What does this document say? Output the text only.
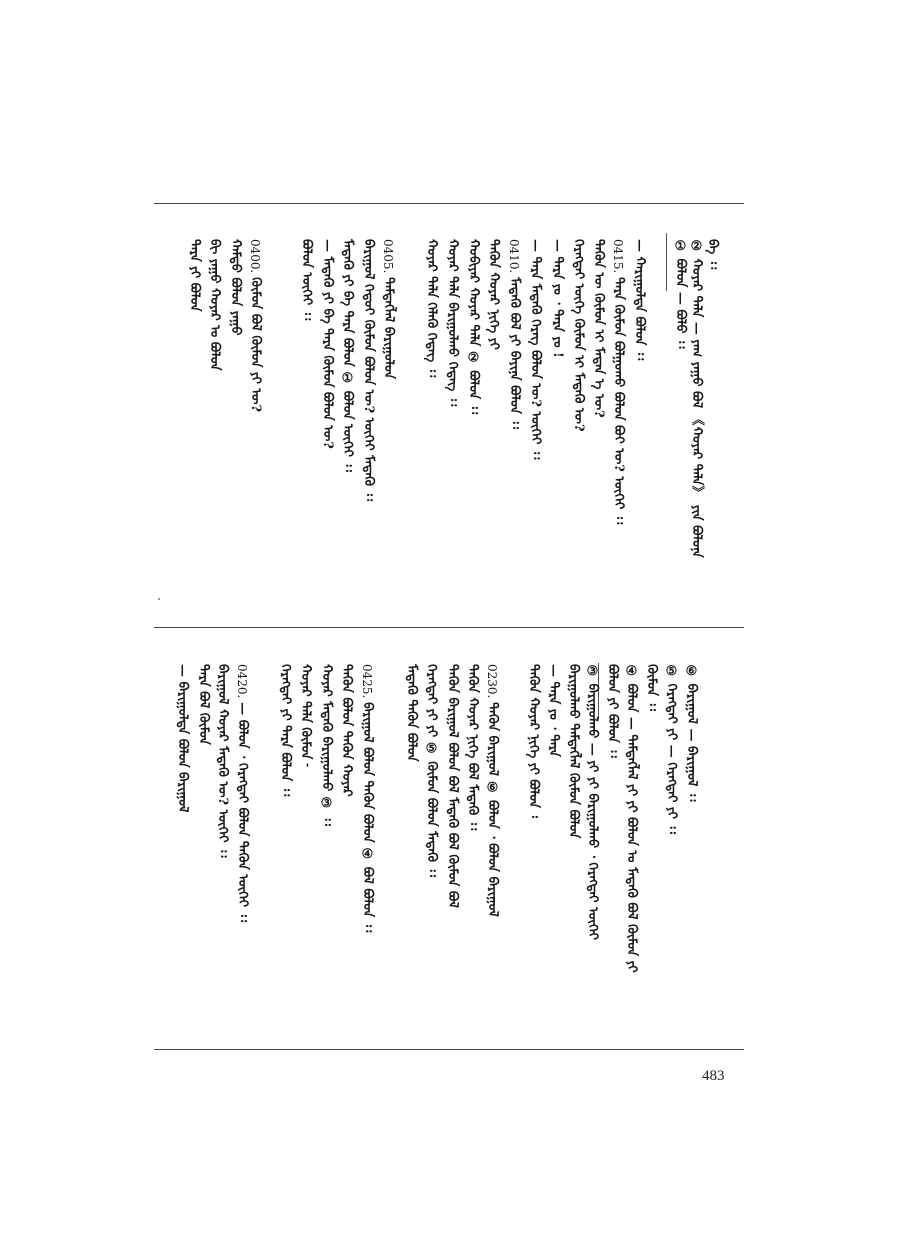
ᠪᠠ ᠄᠄
② ᠬᠣᠶᠠᠷ ᠲᠠᠯᠠ — ᠶᠠᠭ ᠶᠠᠭᠤ ᠪᠣᠯ 《ᠬᠣᠶᠠᠷ ᠲᠠᠯᠠ》 ᠶᠢᠨ ᠪᠣᠯᠣᠨᠠ
① ᠪᠣᠯᠤᠨ — ᠪᠣᠯᠤ ᠄᠄
— ᠬᠠᠷᠢᠭᠤᠯᠲᠠ ᠪᠣᠯᠣᠨ ᠄᠄
0415. ᠲᠡᠷᠡ ᠬᠦᠮᠦᠨ ᠪᠣᠯᠭᠣᠬᠤ ᠪᠣᠯᠤᠨ ᠪᠤᠢ ᠦ? ᠦᠭᠡᠢ ᠄᠄
ᠲᠡᠭᠦᠨ ᠦ ᠬᠦᠮᠦᠨ ᠢ ᠮᠡᠳᠡᠨ ᠡ ᠦ?
ᠬᠡᠷᠡᠭᠲᠡᠢ ᠦᠭᠡ ᠬᠦᠮᠦᠨ ᠢ ᠮᠡᠳᠡᠬᠦ ᠦ?
— ᠲᠡᠷᠡ ᠶᠤ ᠂ ᠲᠡᠷᠡ ᠶᠤ !
— ᠲᠡᠷᠡ ᠮᠡᠳᠡᠬᠦ ᠬᠡᠷᠡᠭ ᠪᠣᠯᠣᠨ ᠦ? ᠦᠭᠡᠢ ᠄᠄
0410. ᠮᠡᠳᠡᠬᠦ ᠪᠣᠯ ᠶᠢ ᠪᠠᠶᠢᠨᠠ ᠪᠣᠯᠣᠨ ᠄᠄
ᠲᠡᠭᠦᠨ ᠬᠣᠶᠠᠷ ᠨᠢᠭᠡ ᠶᠢ
ᠬᠤᠪᠢᠶᠠᠷ ᠬᠣᠶᠠᠷ ᠲᠠᠯᠠ ② ᠪᠣᠯᠣᠨ ᠄᠄
ᠬᠣᠶᠠᠷ ᠲᠠᠯᠠ ᠪᠠᠷᠢᠭᠤᠯᠬᠤ ᠭᠡᠳᠡᠭ ᠄᠄
ᠬᠣᠶᠠᠷ ᠲᠠᠯᠠ ᠬᠡᠯᠡᠬᠦ ᠭᠡᠳᠡᠭ ᠄᠄
0405. ᠲᠡᠮᠳᠡᠭᠯᠡᠯ ᠪᠠᠷᠢᠭᠤᠯᠤᠨ
ᠪᠠᠷᠢᠭᠤᠯ ᠬᠡᠳᠦᠢ ᠬᠦᠮᠦᠨ ᠪᠣᠯᠣᠨ ᠦ? ᠦᠭᠡᠢ ᠮᠡᠳᠡᠬᠦ ᠄᠄
ᠮᠡᠳᠡᠬᠦ ᠶᠢ ᠪᠠ ᠲᠡᠷᠡ ᠪᠣᠯᠣᠨ ① ᠪᠣᠯᠣᠨ ᠦᠭᠡᠢ ᠄᠄
— ᠮᠡᠳᠡᠬᠦ ᠶᠢ ᠪᠠ ᠲᠡᠷᠡ ᠬᠦᠮᠦᠨ ᠪᠣᠯᠣᠨ ᠦ?
ᠪᠣᠯᠣᠨ ᠦᠭᠡᠢ ᠄᠄
0400. ᠬᠦᠮᠦᠨ ᠪᠣᠯ ᠬᠦᠮᠦᠨ ᠶᠢ ᠦ?
ᠬᠠᠮᠲᠤ ᠪᠣᠯᠣᠨ ᠶᠠᠭᠤ
ᠪᠢ ᠶᠠᠭᠤ ᠬᠣᠶᠠᠷ ᠤ ᠪᠣᠯᠣᠨ
ᠲᠡᠷᠡ ᠶᠢ ᠪᠣᠯᠣᠨ
⑥ ᠪᠠᠷᠢᠭᠤᠯ — ᠪᠠᠷᠢᠭᠤᠯ ᠄᠄
⑤ ᠬᠡᠷᠡᠭᠲᠡᠢ ᠶᠢ — ᠬᠡᠷᠡᠭᠲᠡᠢ ᠶᠢ ᠄᠄
ᠬᠦᠮᠦᠨ ᠄᠄
④ ᠪᠣᠯᠣᠨ — ᠲᠡᠮᠳᠡᠭᠯᠡᠯ ᠶᠢ ᠶᠢ ᠪᠣᠯᠣᠨ ᠤ ᠮᠡᠳᠡᠬᠦ ᠪᠣᠯ ᠬᠦᠮᠦᠨ ᠶᠢ
ᠪᠣᠯᠣᠨ ᠶᠢ ᠪᠣᠯᠣᠨ ᠄᠄
③ ᠪᠠᠷᠢᠭᠤᠯᠬᠤ — ᠶᠢ ᠶᠢ ᠪᠠᠷᠢᠭᠤᠯᠬᠤ ᠂ ᠬᠡᠷᠡᠭᠲᠡᠢ ᠦᠭᠡᠢ
ᠪᠠᠷᠢᠭᠤᠯᠬᠤ ᠲᠡᠮᠳᠡᠭᠯᠡᠯ ᠬᠦᠮᠦᠨ ᠪᠣᠯᠣᠨ
— ᠲᠡᠷᠡ ᠶᠤ ᠂ ᠲᠡᠷᠡ
ᠲᠡᠭᠦᠨ ᠬᠣᠶᠠᠷ ᠨᠢᠭᠡ ᠶᠢ ᠪᠣᠯᠣᠨ ᠄
0230. ᠲᠡᠭᠦᠨ ᠪᠠᠷᠢᠭᠤᠯ ⑥ ᠪᠣᠯᠣᠨ ᠂ ᠪᠣᠯᠣᠨ ᠪᠠᠷᠢᠭᠤᠯ
ᠲᠡᠭᠦᠨ ᠬᠣᠶᠠᠷ ᠨᠢᠭᠡ ᠪᠣᠯ ᠮᠡᠳᠡᠬᠦ ᠄᠄
ᠲᠡᠭᠦᠨ ᠪᠠᠷᠢᠭᠤᠯ ᠪᠣᠯᠣᠨ ᠪᠣᠯ ᠮᠡᠳᠡᠬᠦ ᠪᠣᠯ ᠬᠦᠮᠦᠨ ᠪᠣᠯ
ᠬᠡᠷᠡᠭᠲᠡᠢ ᠶᠢ ᠶᠢ ⑤ ᠬᠦᠮᠦᠨ ᠪᠣᠯᠣᠨ ᠮᠡᠳᠡᠬᠦ ᠄᠄
ᠮᠡᠳᠡᠬᠦ ᠲᠡᠭᠦᠨ ᠪᠣᠯᠣᠨ
0425. ᠪᠠᠷᠢᠭᠤᠯ ᠪᠣᠯᠣᠨ ᠲᠡᠭᠦᠨ ᠪᠣᠯᠣᠨ ④ ᠪᠣᠯ ᠪᠣᠯᠣᠨ ᠄᠄
ᠲᠡᠭᠦᠨ ᠪᠣᠯᠣᠨ ᠲᠡᠭᠦᠨ ᠬᠣᠶᠠᠷ
ᠬᠣᠶᠠᠷ ᠮᠡᠳᠡᠬᠦ ᠪᠠᠷᠢᠭᠤᠯᠬᠤ ③ ᠄᠄
ᠬᠣᠶᠠᠷ ᠲᠠᠯᠠ ᠬᠦᠮᠦᠨ ᠊
ᠬᠡᠷᠡᠭᠲᠡᠢ ᠶᠢ ᠲᠡᠷᠡ ᠪᠣᠯᠣᠨ ᠄᠄
0420. — ᠪᠣᠯᠣᠨ ᠂ ᠬᠡᠷᠡᠭᠲᠡᠢ ᠪᠣᠯᠣᠨ ᠲᠡᠭᠦᠨ ᠦᠭᠡᠢ ᠄᠄
ᠪᠠᠷᠢᠭᠤᠯ ᠬᠣᠶᠠᠷ ᠮᠡᠳᠡᠬᠦ ᠦ? ᠦᠭᠡᠢ ᠄᠄
ᠲᠡᠷᠡ ᠪᠣᠯ ᠬᠦᠮᠦᠨ
— ᠪᠠᠷᠢᠭᠤᠯᠲᠠ ᠪᠣᠯᠣᠨ ᠪᠠᠷᠢᠭᠤᠯ
483
